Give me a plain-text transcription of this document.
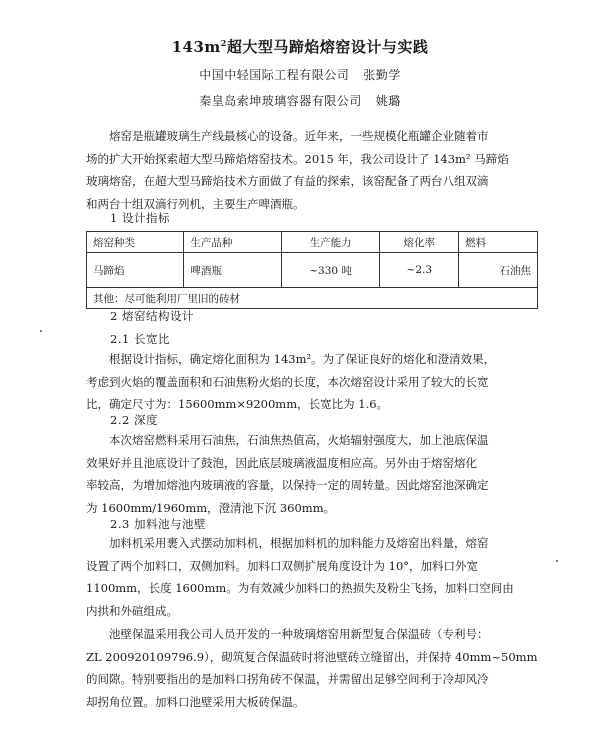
$143m^2$超大型马蹄焰熔窑设计与实践
中国中轻国际工程有限公司 张勤学
秦皇岛索坤玻璃容器有限公司 姚璐
熔窑是瓶罐玻璃生产线最核心的设备。近年来，一些规模化瓶罐企业随着市
场的扩大开始探索超大型马蹄焰熔窑技术。2015 年，我公司设计了 143m² 马蹄焰
玻璃熔窑，在超大型马蹄焰技术方面做了有益的探索，该窑配备了两台八组双滴
和两台十组双滴行列机，主要生产啤酒瓶。
1 设计指标
熔窑种类	生产品种	生产能力	熔化率	燃料
马蹄焰	啤酒瓶	~330 吨	~2.3	石油焦
其他：尽可能利用厂里旧的砖材				
2 熔窑结构设计
2.1 长宽比
根据设计指标，确定熔化面积为 143m²。为了保证良好的熔化和澄清效果，
考虑到火焰的覆盖面积和石油焦粉火焰的长度，本次熔窑设计采用了较大的长宽
比，确定尺寸为：15600mm×9200mm，长宽比为 1.6。
2.2 深度
本次熔窑燃料采用石油焦，石油焦热值高，火焰辐射强度大，加上池底保温
效果好并且池底设计了鼓泡，因此底层玻璃液温度相应高。另外由于熔窑熔化
率较高，为增加熔池内玻璃液的容量，以保持一定的周转量。因此熔窑池深确定
为 1600mm/1960mm，澄清池下沉 360mm。
2.3 加料池与池壁
加料机采用裹入式摆动加料机，根据加料机的加料能力及熔窑出料量，熔窑
设置了两个加料口，双侧加料。加料口双侧扩展角度设计为 10°，加料口外宽
1100mm，长度 1600mm。为有效减少加料口的热损失及粉尘飞扬，加料口空间由
内拱和外碹组成。
池壁保温采用我公司人员开发的一种玻璃熔窑用新型复合保温砖（专利号：
ZL 200920109796.9），砌筑复合保温砖时将池壁砖立缝留出，并保持 40mm~50mm
的间隙。特别要指出的是加料口拐角砖不保温，并需留出足够空间利于冷却风冷
却拐角位置。加料口池壁采用大板砖保温。
